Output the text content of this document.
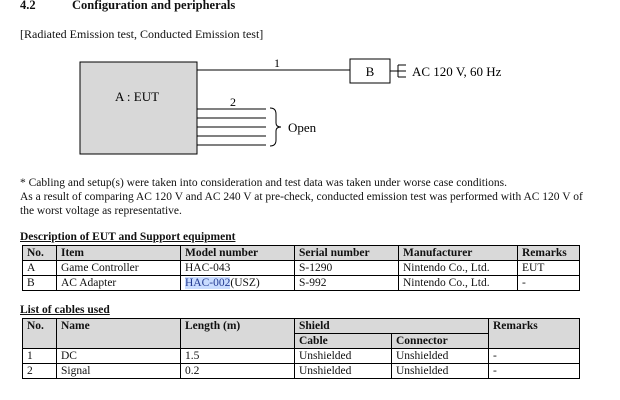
4.2	Configuration and peripherals
[Radiated Emission test, Conducted Emission test]
A : EUT
1
B	AC 120 V, 60 Hz
2
Open
* Cabling and setup(s) were taken into consideration and test data was taken under worse case conditions.
As a result of comparing AC 120 V and AC 240 V at pre-check, conducted emission test was performed with AC 120 V of
the worst voltage as representative.
Description of EUT and Support equipment
No.	Item	Model number	Serial number	Manufacturer	Remarks
A	Game Controller	HAC-043	S-1290	Nintendo Co., Ltd.	EUT
B	AC Adapter	HAC-002(USZ)	S-992	Nintendo Co., Ltd.	-
List of cables used
No.	Name	Length (m)	Shield		Remarks
			Cable	Connector	
1	DC	1.5	Unshielded	Unshielded	-
2	Signal	0.2	Unshielded	Unshielded	-
